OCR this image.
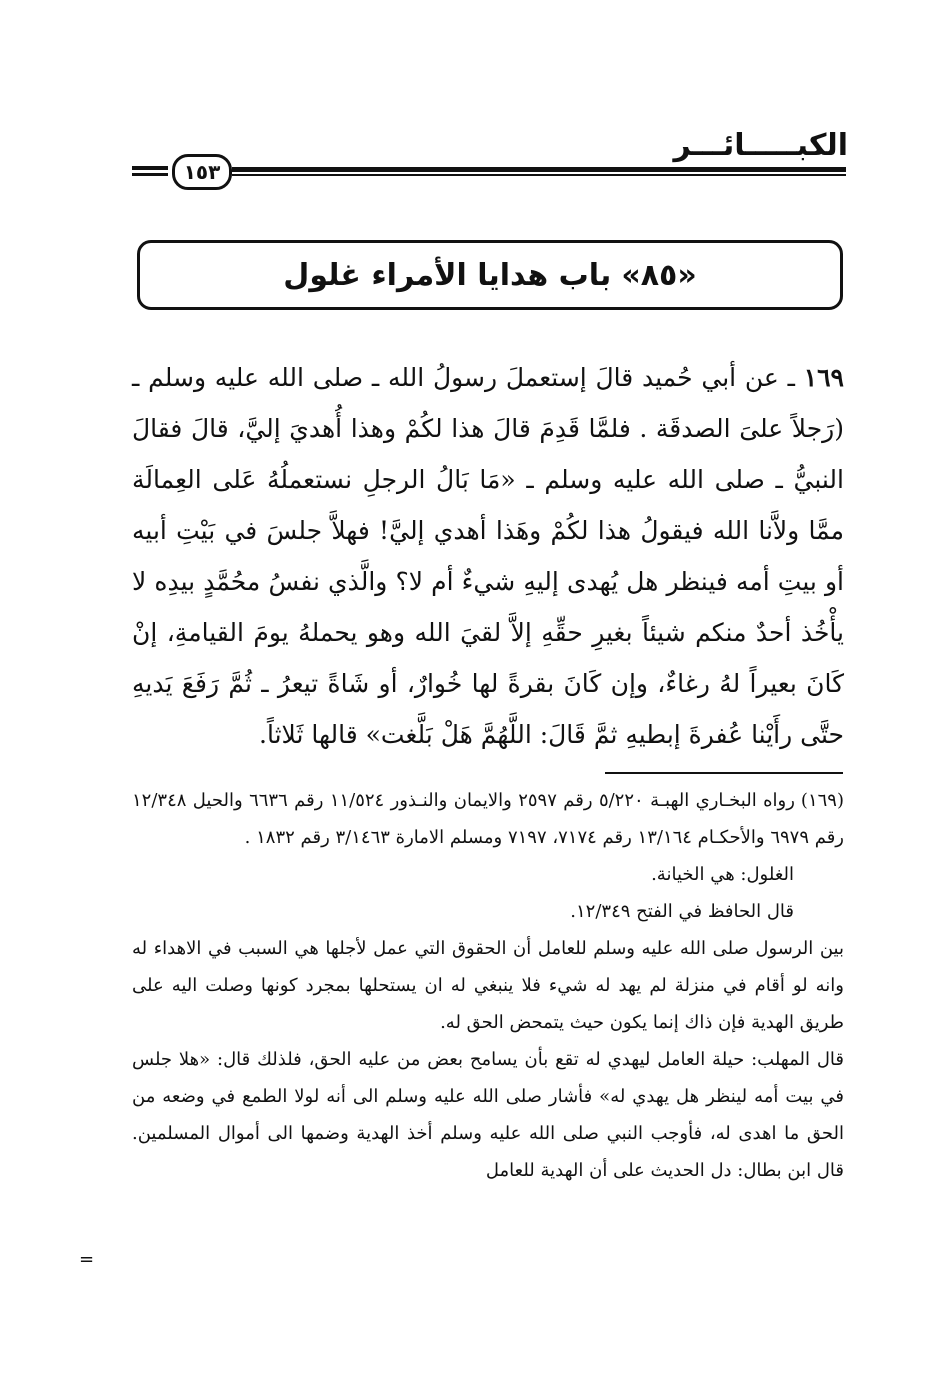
الكبـــــائـــر
١٥٣
«٨٥»
باب هدايا الأمراء غلول

١٦٩ ـ عن أبي حُميد قالَ إستعملَ رسولُ الله ـ صلى الله عليه وسلم ـ (رَجلاً علىَ الصدقَة . فلمَّا قَدِمَ قالَ هذا لكُمْ وهذا أُهديَ إليَّ، قالَ فقالَ النبيُّ ـ صلى الله عليه وسلم ـ «مَا بَالُ الرجلِ نستعملُهُ عَلى العِمالَة ممَّا ولاَّنا الله فيقولُ هذا لكُمْ وهَذا أهدي إليَّ! فهلاَّ جلسَ في بَيْتِ أبيه أو بيتِ أمه فينظر هل يُهدى إليهِ شيءٌ أم لا؟ والَّذي نفسُ محُمَّدٍ بيدِه لا يأْخُذ أحدٌ منكم شيئاً بغيرِ حقِّهِ إلاَّ لقيَ الله وهو يحملهُ يومَ القيامةِ، إنْ كَانَ بعيراً لهُ رغاءٌ، وإن كَانَ بقرةً لها خُوارٌ، أو شَاةً تيعرُ ـ ثُمَّ رَفَعَ يَديهِ حتَّى رأَيْنا عُفرةَ إبطيهِ ثمَّ قَالَ: اللَّهُمَّ هَلْ بَلَّغت» قالها ثَلاثاً.

(١٦٩)رواه البخـاري الهبـة ٥/٢٢٠ رقم ٢٥٩٧ والايمان والنـذور ١١/٥٢٤ رقم ٦٦٣٦ والحيل ١٢/٣٤٨ رقم ٦٩٧٩ والأحكـام ١٣/١٦٤ رقم ٧١٧٤، ٧١٩٧ ومسلم الامارة ٣/١٤٦٣ رقم ١٨٣٢ .

الغلول: هي الخيانة.

قال الحافظ في الفتح ١٢/٣٤٩.

بين الرسول صلى الله عليه وسلم للعامل أن الحقوق التي عمل لأجلها هي السبب في الاهداء له وانه لو أقام في منزلة لم يهد له شيء فلا ينبغي له ان يستحلها بمجرد كونها وصلت اليه على طريق الهدية فإن ذاك إنما يكون حيث يتمحض الحق له.

قال المهلب: حيلة العامل ليهدي له تقع بأن يسامح بعض من عليه الحق، فلذلك قال: «هلا جلس في بيت أمه لينظر هل يهدي له» فأشار صلى الله عليه وسلم الى أنه لولا الطمع في وضعه من الحق ما اهدى له، فأوجب النبي صلى الله عليه وسلم أخذ الهدية وضمها الى أموال المسلمين. قال ابن بطال: دل الحديث على أن الهدية للعامل

=
